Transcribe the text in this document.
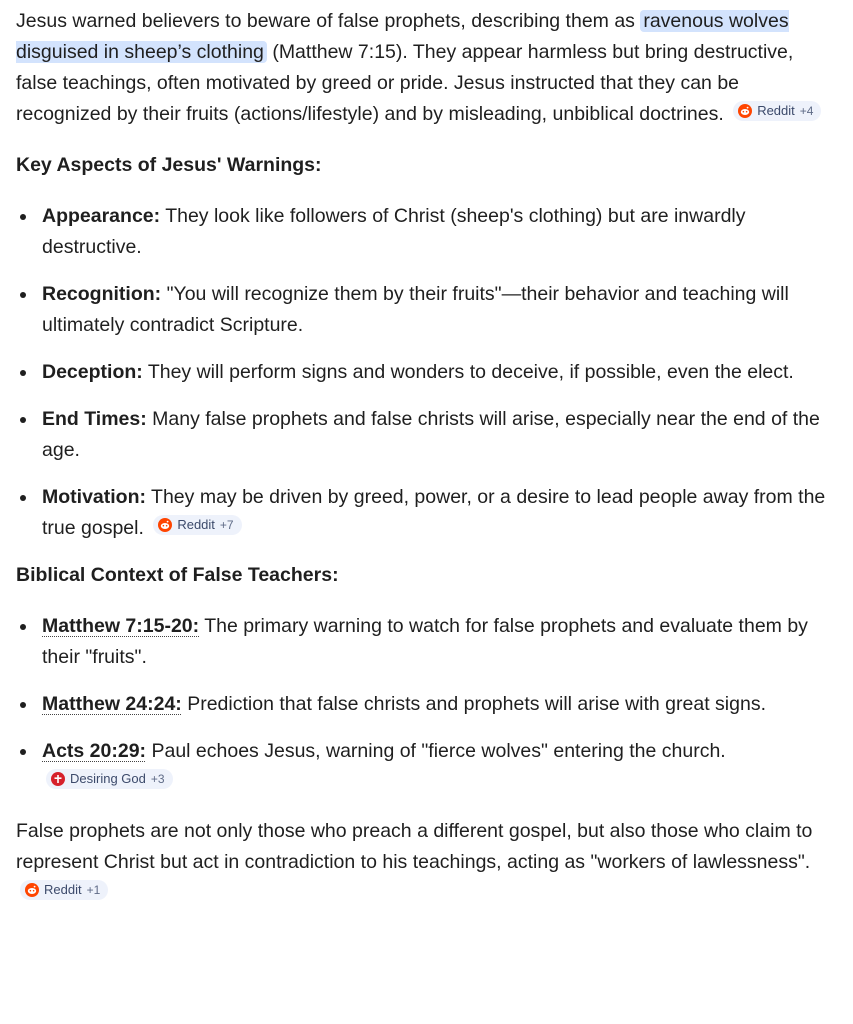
Jesus warned believers to beware of false prophets, describing them as ravenous wolves disguised in sheep’s clothing (Matthew 7:15). They appear harmless but bring destructive, false teachings, often motivated by greed or pride. Jesus instructed that they can be recognized by their fruits (actions/lifestyle) and by misleading, unbiblical doctrines.	Reddit +4

Key Aspects of Jesus' Warnings:

Appearance: They look like followers of Christ (sheep's clothing) but are inwardly destructive.
Recognition: "You will recognize them by their fruits"—their behavior and teaching will ultimately contradict Scripture.
Deception: They will perform signs and wonders to deceive, if possible, even the elect.
End Times: Many false prophets and false christs will arise, especially near the end of the age.
Motivation: They may be driven by greed, power, or a desire to lead people away from the true gospel.	Reddit +7

Biblical Context of False Teachers:

Matthew 7:15-20: The primary warning to watch for false prophets and evaluate them by their "fruits".
Matthew 24:24: Prediction that false christs and prophets will arise with great signs.
Acts 20:29: Paul echoes Jesus, warning of "fierce wolves" entering the church.
Desiring God +3

False prophets are not only those who preach a different gospel, but also those who claim to represent Christ but act in contradiction to his teachings, acting as "workers of lawlessness".
Reddit +1
